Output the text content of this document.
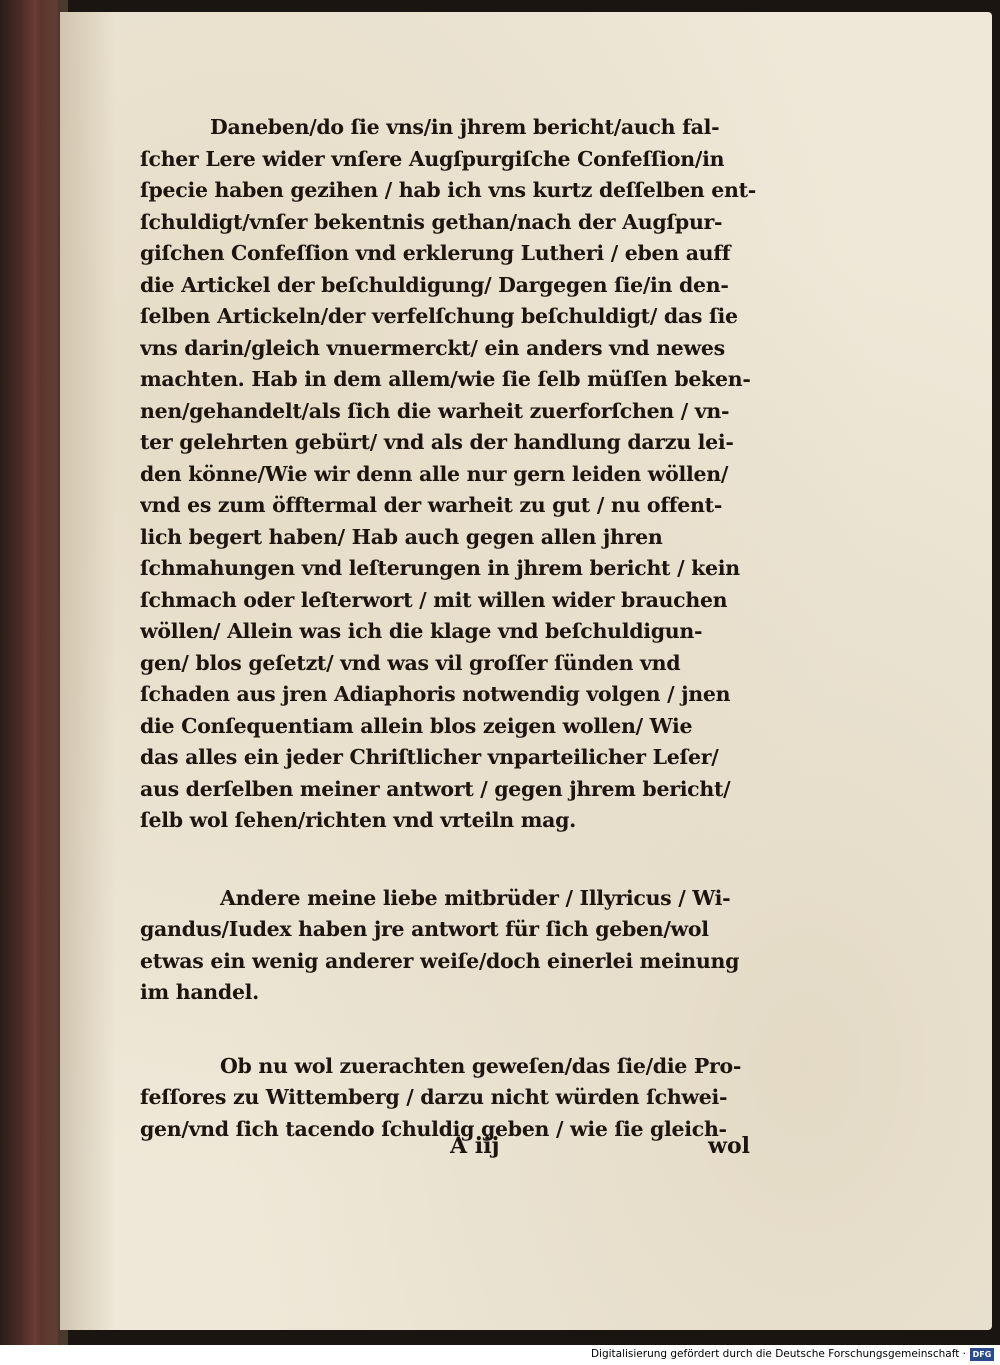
Daneben/do ſie vns/in jhrem bericht/auch fal-
ſcher Lere wider vnſere Augſpurgiſche Confeſſion/in
ſpecie haben gezihen / hab ich vns kurtz deſſelben ent-
ſchuldigt/vnſer bekentnis gethan/nach der Augſpur-
giſchen Confeſſion vnd erklerung Lutheri / eben auff
die Artickel der beſchuldigung/ Dargegen ſie/in den-
ſelben Artickeln/der verfelſchung beſchuldigt/ das ſie
vns darin/gleich vnuermerckt/ ein anders vnd newes
machten. Hab in dem allem/wie ſie ſelb müſſen beken-
nen/gehandelt/als ſich die warheit zuerforſchen / vn-
ter gelehrten gebürt/ vnd als der handlung darzu lei-
den könne/Wie wir denn alle nur gern leiden wöllen/
vnd es zum öfftermal der warheit zu gut / nu offent-
lich begert haben/ Hab auch gegen allen jhren
ſchmahungen vnd leſterungen in jhrem bericht / kein
ſchmach oder leſterwort / mit willen wider brauchen
wöllen/ Allein was ich die klage vnd beſchuldigun-
gen/ blos geſetzt/ vnd was vil groſſer ſünden vnd
ſchaden aus jren Adiaphoris notwendig volgen / jnen
die Conſequentiam allein blos zeigen wollen/ Wie
das alles ein jeder Chriſtlicher vnparteilicher Leſer/
aus derſelben meiner antwort / gegen jhrem bericht/
ſelb wol ſehen/richten vnd vrteiln mag.
Andere meine liebe mitbrüder / Illyricus / Wi-
gandus/Iudex haben jre antwort für ſich geben/wol
etwas ein wenig anderer weiſe/doch einerlei meinung
im handel.
Ob nu wol zuerachten geweſen/das ſie/die Pro-
feſſores zu Wittemberg / darzu nicht würden ſchwei-
gen/vnd ſich tacendo ſchuldig geben / wie ſie gleich-
A iij	wol
Digitalisierung gefördert durch die Deutsche Forschungsgemeinschaft · DFG
